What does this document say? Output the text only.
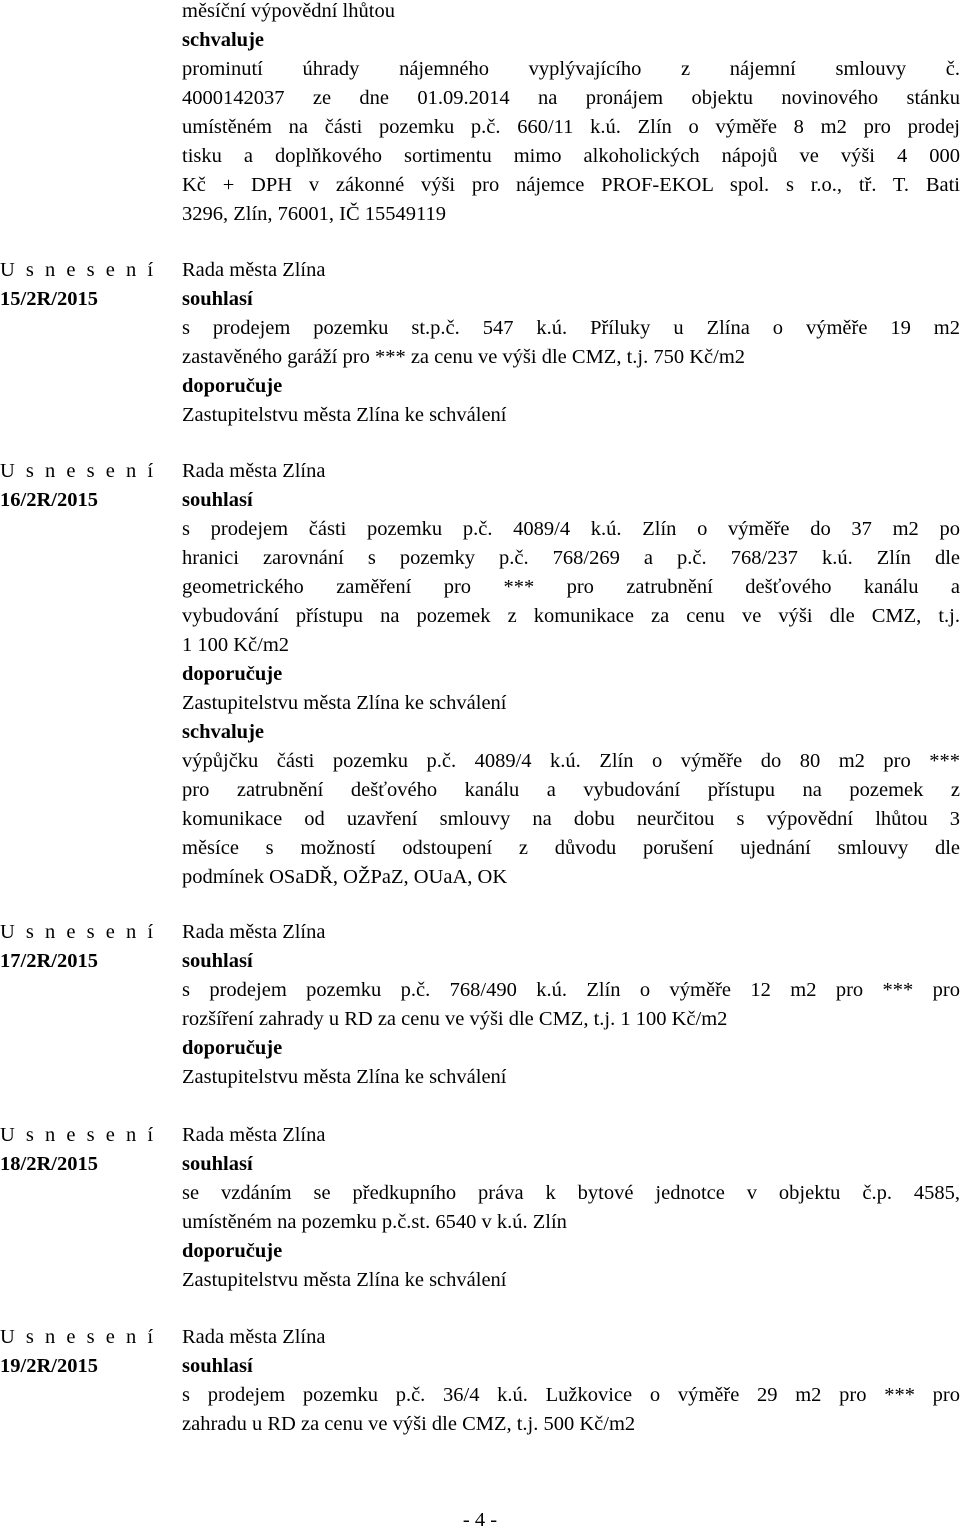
měsíční výpovědní lhůtou
schvaluje
prominutí úhrady nájemného vyplývajícího z nájemní smlouvy č.
4000142037 ze dne 01.09.2014 na pronájem objektu novinového stánku
umístěném na části pozemku p.č. 660/11 k.ú. Zlín o výměře 8 m2 pro prodej
tisku a doplňkového sortimentu mimo alkoholických nápojů ve výši 4 000
Kč + DPH v zákonné výši pro nájemce PROF-EKOL spol. s r.o., tř. T. Bati
3296, Zlín, 76001, IČ 15549119
U s n e s e n í
15/2R/2015
Rada města Zlína
souhlasí
s prodejem pozemku st.p.č. 547 k.ú. Příluky u Zlína o výměře 19 m2
zastavěného garáží pro *** za cenu ve výši dle CMZ, t.j. 750 Kč/m2
doporučuje
Zastupitelstvu města Zlína ke schválení
U s n e s e n í
16/2R/2015
Rada města Zlína
souhlasí
s prodejem části pozemku p.č. 4089/4 k.ú. Zlín o výměře do 37 m2 po
hranici zarovnání s pozemky p.č. 768/269 a p.č. 768/237 k.ú. Zlín dle
geometrického zaměření pro *** pro zatrubnění dešťového kanálu a
vybudování přístupu na pozemek z komunikace za cenu ve výši dle CMZ, t.j.
1 100 Kč/m2
doporučuje
Zastupitelstvu města Zlína ke schválení
schvaluje
výpůjčku části pozemku p.č. 4089/4 k.ú. Zlín o výměře do 80 m2 pro ***
pro zatrubnění dešťového kanálu a vybudování přístupu na pozemek z
komunikace od uzavření smlouvy na dobu neurčitou s výpovědní lhůtou 3
měsíce s možností odstoupení z důvodu porušení ujednání smlouvy dle
podmínek OSaDŘ, OŽPaZ, OUaA, OK
U s n e s e n í
17/2R/2015
Rada města Zlína
souhlasí
s prodejem pozemku p.č. 768/490 k.ú. Zlín o výměře 12 m2 pro *** pro
rozšíření zahrady u RD za cenu ve výši dle CMZ, t.j. 1 100 Kč/m2
doporučuje
Zastupitelstvu města Zlína ke schválení
U s n e s e n í
18/2R/2015
Rada města Zlína
souhlasí
se vzdáním se předkupního práva k bytové jednotce v objektu č.p. 4585,
umístěném na pozemku p.č.st. 6540 v k.ú. Zlín
doporučuje
Zastupitelstvu města Zlína ke schválení
U s n e s e n í
19/2R/2015
Rada města Zlína
souhlasí
s prodejem pozemku p.č. 36/4 k.ú. Lužkovice o výměře 29 m2 pro *** pro
zahradu u RD za cenu ve výši dle CMZ, t.j. 500 Kč/m2
- 4 -
